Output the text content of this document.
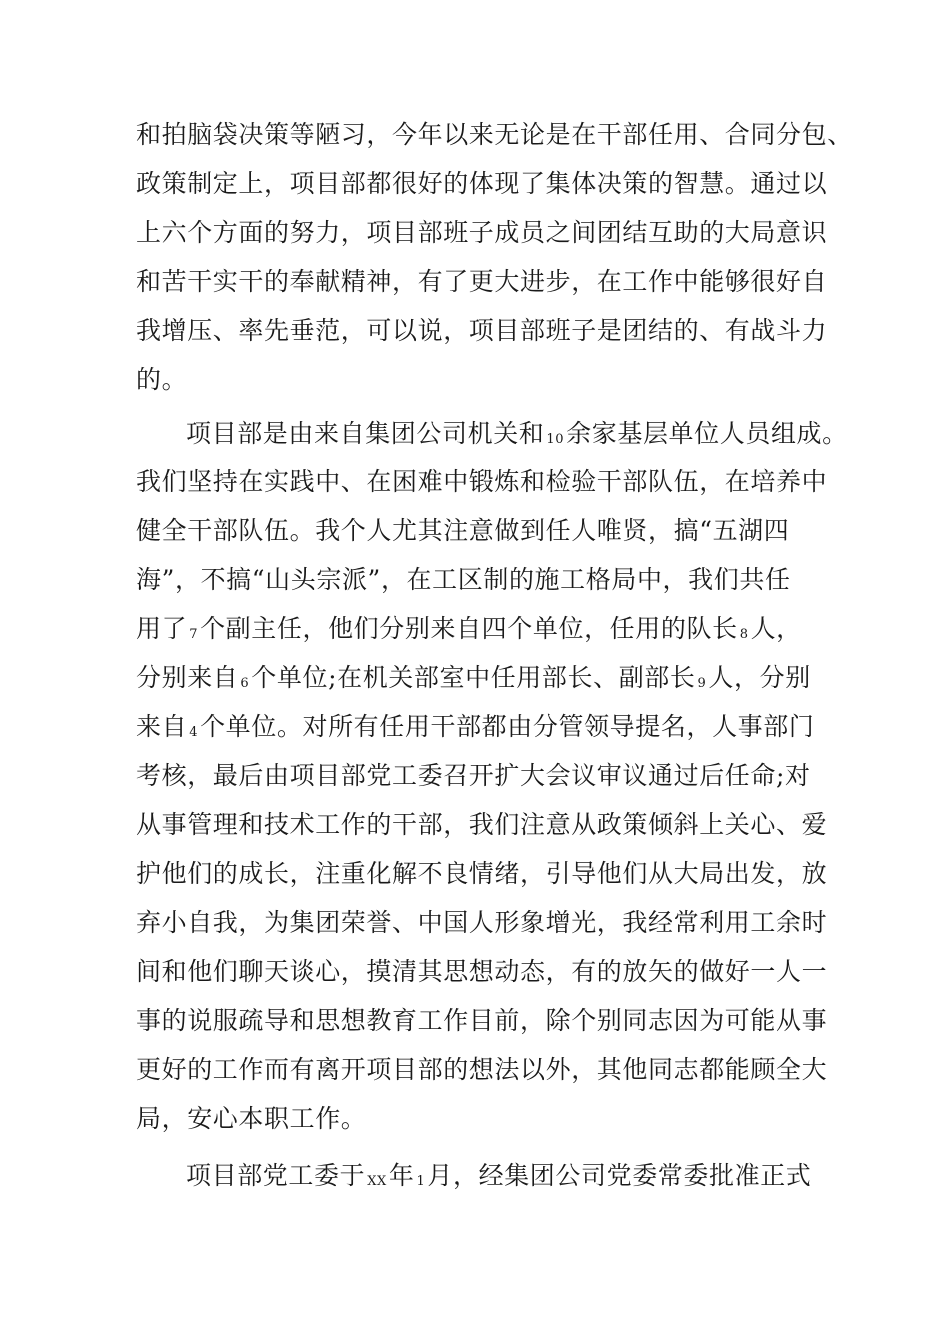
和拍脑袋决策等陋习，今年以来无论是在干部任用、合同分包、

政策制定上，项目部都很好的体现了集体决策的智慧。通过以

上六个方面的努力，项目部班子成员之间团结互助的大局意识

和苦干实干的奉献精神，有了更大进步，在工作中能够很好自

我增压、率先垂范，可以说，项目部班子是团结的、有战斗力

的。

项目部是由来自集团公司机关和 10余家基层单位人员组成。

我们坚持在实践中、在困难中锻炼和检验干部队伍，在培养中

健全干部队伍。我个人尤其注意做到任人唯贤，搞“五湖四

海”，不搞“山头宗派”，在工区制的施工格局中，我们共任

用了 7个副主任，他们分别来自四个单位，任用的队长 8人，

分别来自 6个单位;在机关部室中任用部长、副部长 9人，分别

来自 4个单位。对所有任用干部都由分管领导提名，人事部门

考核，最后由项目部党工委召开扩大会议审议通过后任命;对

从事管理和技术工作的干部，我们注意从政策倾斜上关心、爱

护他们的成长，注重化解不良情绪，引导他们从大局出发，放

弃小自我，为集团荣誉、中国人形象增光，我经常利用工余时

间和他们聊天谈心，摸清其思想动态，有的放矢的做好一人一

事的说服疏导和思想教育工作目前，除个别同志因为可能从事

更好的工作而有离开项目部的想法以外，其他同志都能顾全大

局，安心本职工作。

项目部党工委于 XX年 1月，经集团公司党委常委批准正式
